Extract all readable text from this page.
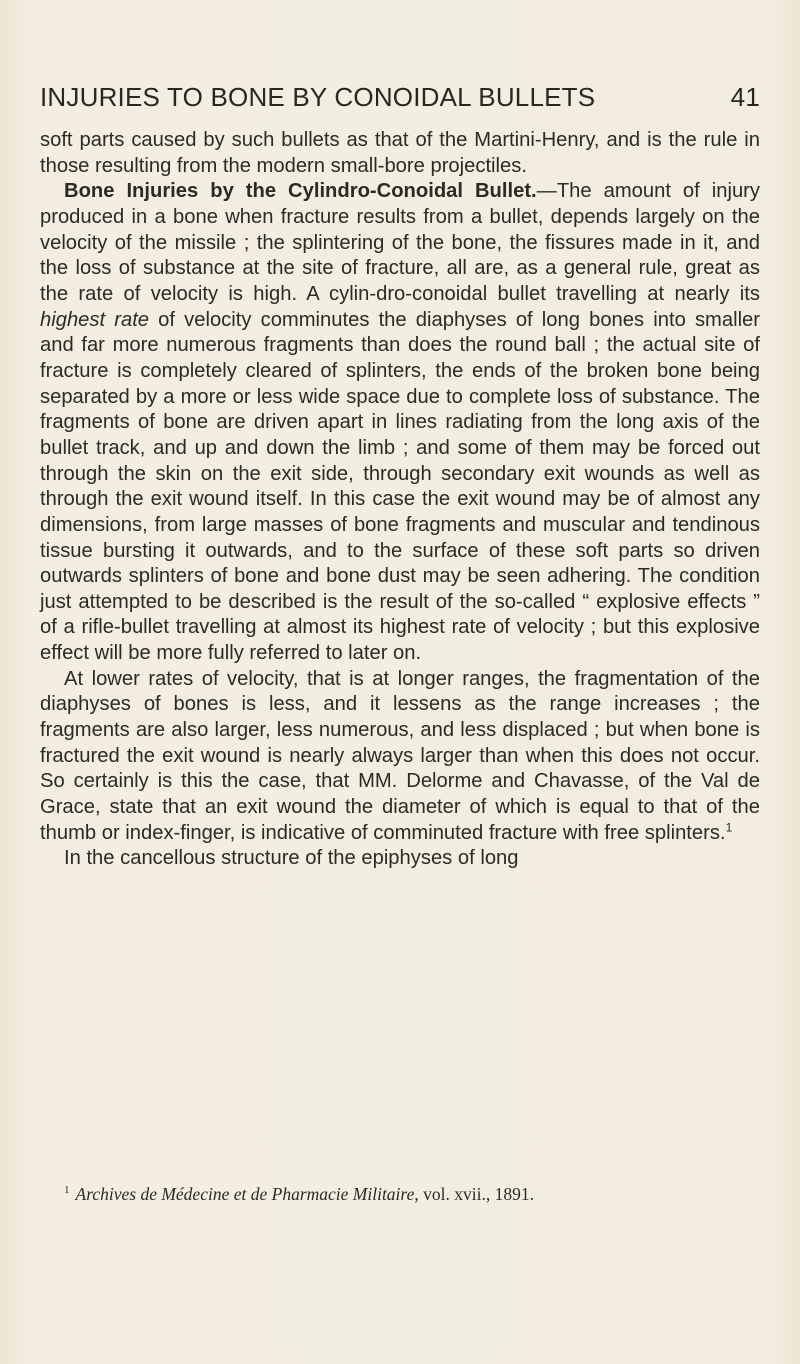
INJURIES TO BONE BY CONOIDAL BULLETS	41

soft parts caused by such bullets as that of the Martini-Henry, and is the rule in those resulting from the modern small-bore projectiles.

Bone Injuries by the Cylindro-Conoidal Bullet.—The amount of injury produced in a bone when fracture results from a bullet, depends largely on the velocity of the missile ; the splintering of the bone, the fissures made in it, and the loss of substance at the site of fracture, all are, as a general rule, great as the rate of velocity is high. A cylin-dro-conoidal bullet travelling at nearly its highest rate of velocity comminutes the diaphyses of long bones into smaller and far more numerous fragments than does the round ball ; the actual site of fracture is completely cleared of splinters, the ends of the broken bone being separated by a more or less wide space due to complete loss of substance. The fragments of bone are driven apart in lines radiating from the long axis of the bullet track, and up and down the limb ; and some of them may be forced out through the skin on the exit side, through secondary exit wounds as well as through the exit wound itself. In this case the exit wound may be of almost any dimensions, from large masses of bone fragments and muscular and tendinous tissue bursting it outwards, and to the surface of these soft parts so driven outwards splinters of bone and bone dust may be seen adhering. The condition just attempted to be described is the result of the so-called “ explosive effects ” of a rifle-bullet travelling at almost its highest rate of velocity ; but this explosive effect will be more fully referred to later on.

At lower rates of velocity, that is at longer ranges, the fragmentation of the diaphyses of bones is less, and it lessens as the range increases ; the fragments are also larger, less numerous, and less displaced ; but when bone is fractured the exit wound is nearly always larger than when this does not occur. So certainly is this the case, that MM. Delorme and Chavasse, of the Val de Grace, state that an exit wound the diameter of which is equal to that of the thumb or index-finger, is indicative of comminuted fracture with free splinters.$^1$

In the cancellous structure of the epiphyses of long

$^1$ Archives de Médecine et de Pharmacie Militaire, vol. xvii., 1891.
